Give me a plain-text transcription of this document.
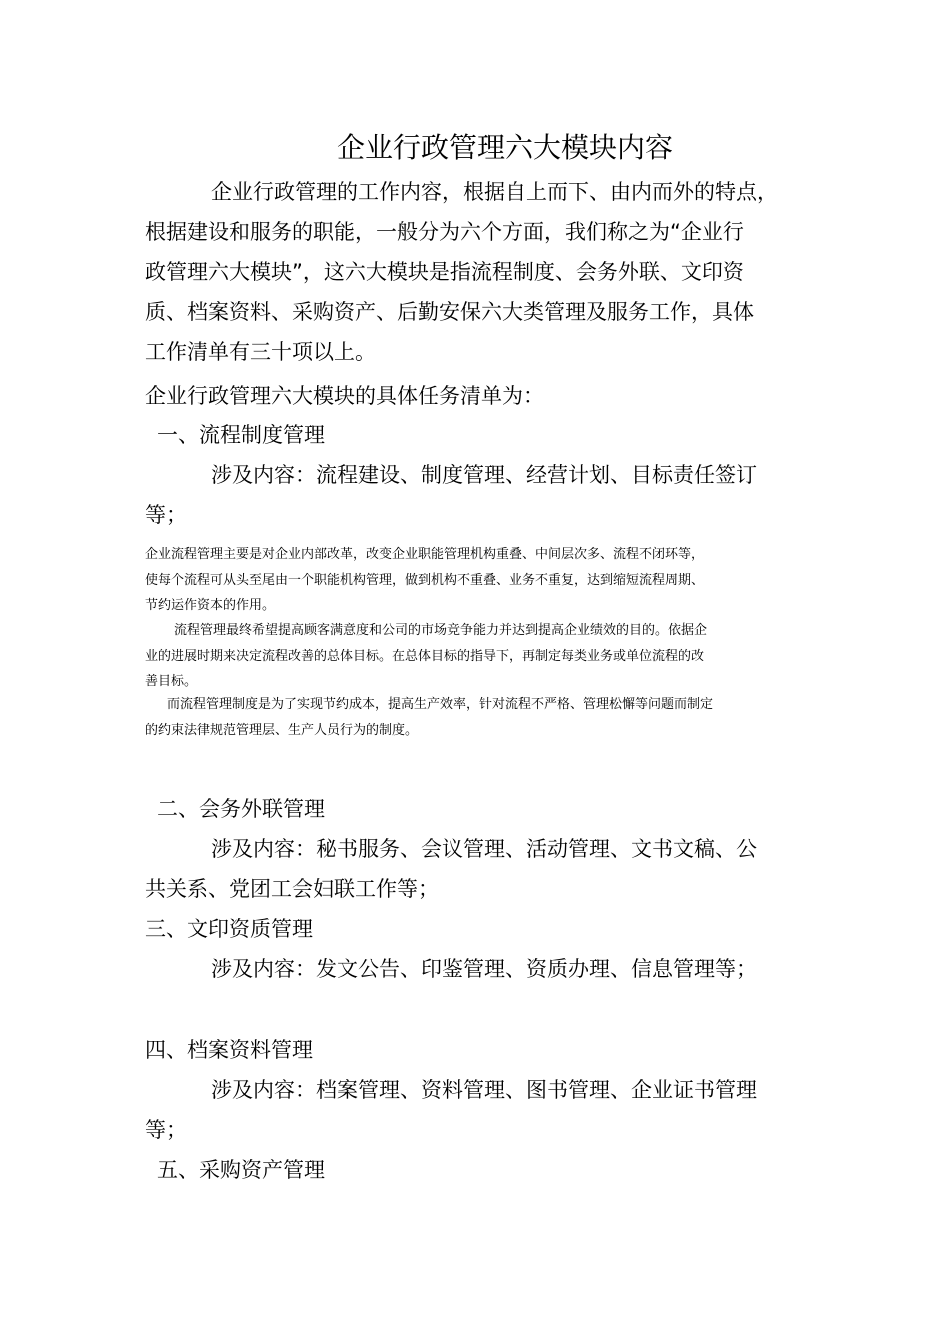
企业行政管理六大模块内容

企业行政管理的工作内容，根据自上而下、由内而外的特点，
根据建设和服务的职能，一般分为六个方面，我们称之为“企业行
政管理六大模块”，这六大模块是指流程制度、会务外联、文印资
质、档案资料、采购资产、后勤安保六大类管理及服务工作，具体
工作清单有三十项以上。

企业行政管理六大模块的具体任务清单为：

一、流程制度管理

涉及内容：流程建设、制度管理、经营计划、目标责任签订
等；

企业流程管理主要是对企业内部改革，改变企业职能管理机构重叠、中间层次多、流程不闭环等，
使每个流程可从头至尾由一个职能机构管理，做到机构不重叠、业务不重复，达到缩短流程周期、
节约运作资本的作用。

流程管理最终希望提高顾客满意度和公司的市场竞争能力并达到提高企业绩效的目的。依据企
业的进展时期来决定流程改善的总体目标。在总体目标的指导下，再制定每类业务或单位流程的改
善目标。

而流程管理制度是为了实现节约成本，提高生产效率，针对流程不严格、管理松懈等问题而制定
的约束法律规范管理层、生产人员行为的制度。

二、会务外联管理

涉及内容：秘书服务、会议管理、活动管理、文书文稿、公
共关系、党团工会妇联工作等；

三、文印资质管理

涉及内容：发文公告、印鉴管理、资质办理、信息管理等；

四、档案资料管理

涉及内容：档案管理、资料管理、图书管理、企业证书管理
等；

五、采购资产管理
